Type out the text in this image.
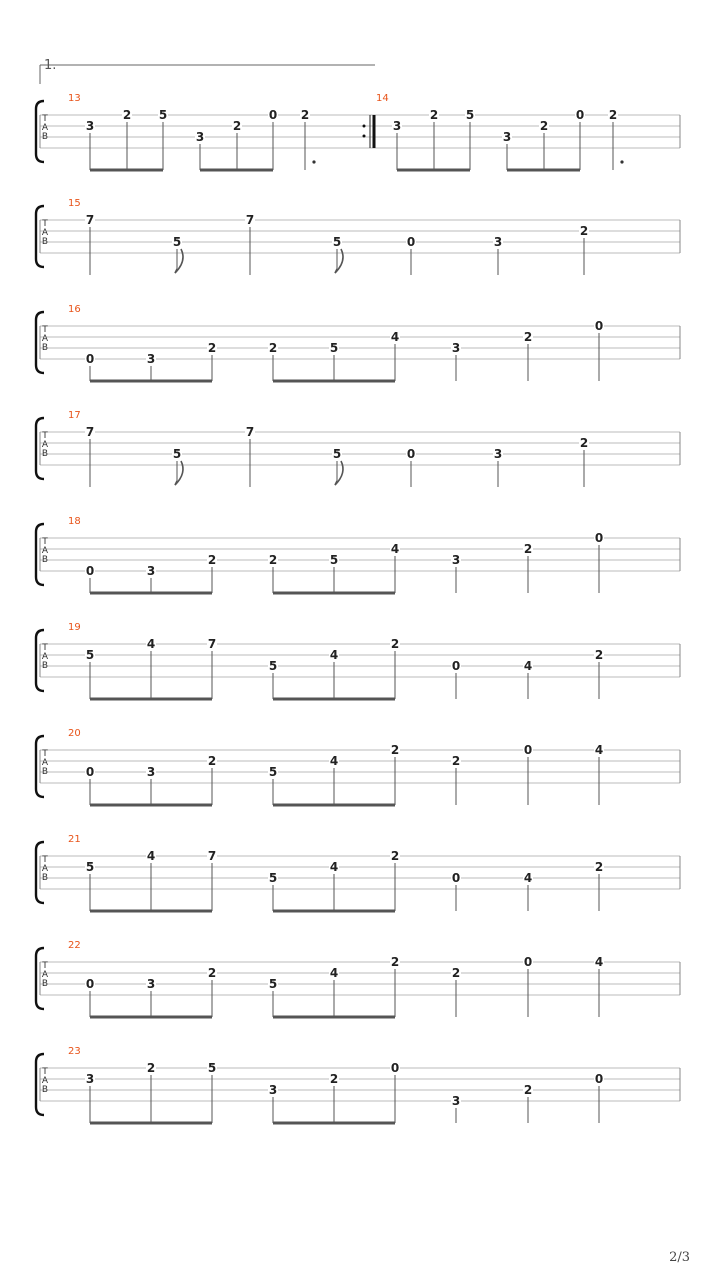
1.
T
A
B
13
3
2 5
3
2
0 2
14
3
2 5
3
2
0 2
T
A
B
15
7
5
7
5	0	3
2
T
A
B
16
0	3
2	2	5
4
3
2
0
T
A
B
17
7
5
7
5	0	3
2
T
A
B
18
0	3
2	2	5
4
3
2
0
T
A
B
19
5
4	7
5
4
2
0	4
2
T
A
B
20
0	3
2
5
4
2
2
0	4
T
A
B
21
5
4	7
5
4
2
0	4
2
T
A
B
22
0	3
2
5
4
2
2
0	4
T
A
B
23
3
2	5
3
2
0
3
2
0
2/3
